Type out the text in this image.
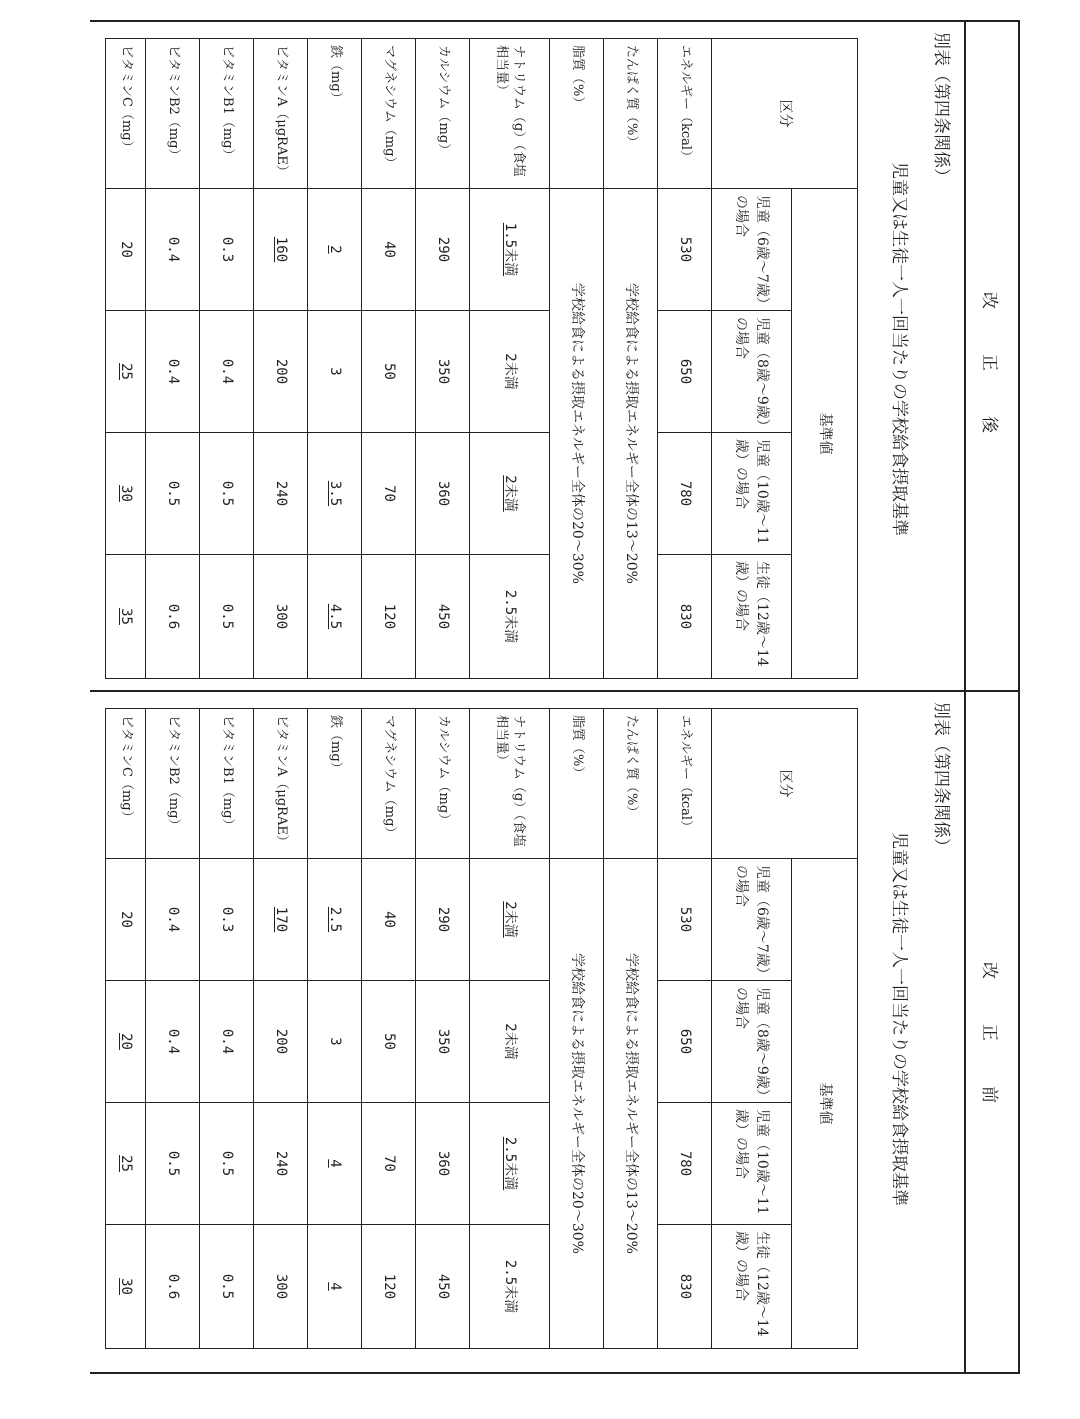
改　正　後
別表（第四条関係）
児童又は生徒一人一回当たりの学校給食摂取基準
区分	基準値			
	児童（6歳～7歳）の場合	児童（8歳～9歳）の場合	児童（10歳～11歳）の場合	生徒（12歳～14歳）の場合
エネルギー（kcal）	530	650	780	830
たんぱく質（%）	学校給食による摂取エネルギー全体の13～20%			
脂質（%）	学校給食による摂取エネルギー全体の20～30%			
ナトリウム（g）（食塩相当量）	1.5未満	2未満	2未満	2.5未満
カルシウム（mg）	290	350	360	450
マグネシウム（mg）	40	50	70	120
鉄（mg）	2	3	3.5	4.5
ビタミンA（μgRAE）	160	200	240	300
ビタミンB1（mg）	0.3	0.4	0.5	0.5
ビタミンB2（mg）	0.4	0.4	0.5	0.6
ビタミンC（mg）	20	25	30	35
改　正　前
別表（第四条関係）
児童又は生徒一人一回当たりの学校給食摂取基準
区分	基準値			
	児童（6歳～7歳）の場合	児童（8歳～9歳）の場合	児童（10歳～11歳）の場合	生徒（12歳～14歳）の場合
エネルギー（kcal）	530	650	780	830
たんぱく質（%）	学校給食による摂取エネルギー全体の13～20%			
脂質（%）	学校給食による摂取エネルギー全体の20～30%			
ナトリウム（g）（食塩相当量）	2未満	2未満	2.5未満	2.5未満
カルシウム（mg）	290	350	360	450
マグネシウム（mg）	40	50	70	120
鉄（mg）	2.5	3	4	4
ビタミンA（μgRAE）	170	200	240	300
ビタミンB1（mg）	0.3	0.4	0.5	0.5
ビタミンB2（mg）	0.4	0.4	0.5	0.6
ビタミンC（mg）	20	20	25	30
